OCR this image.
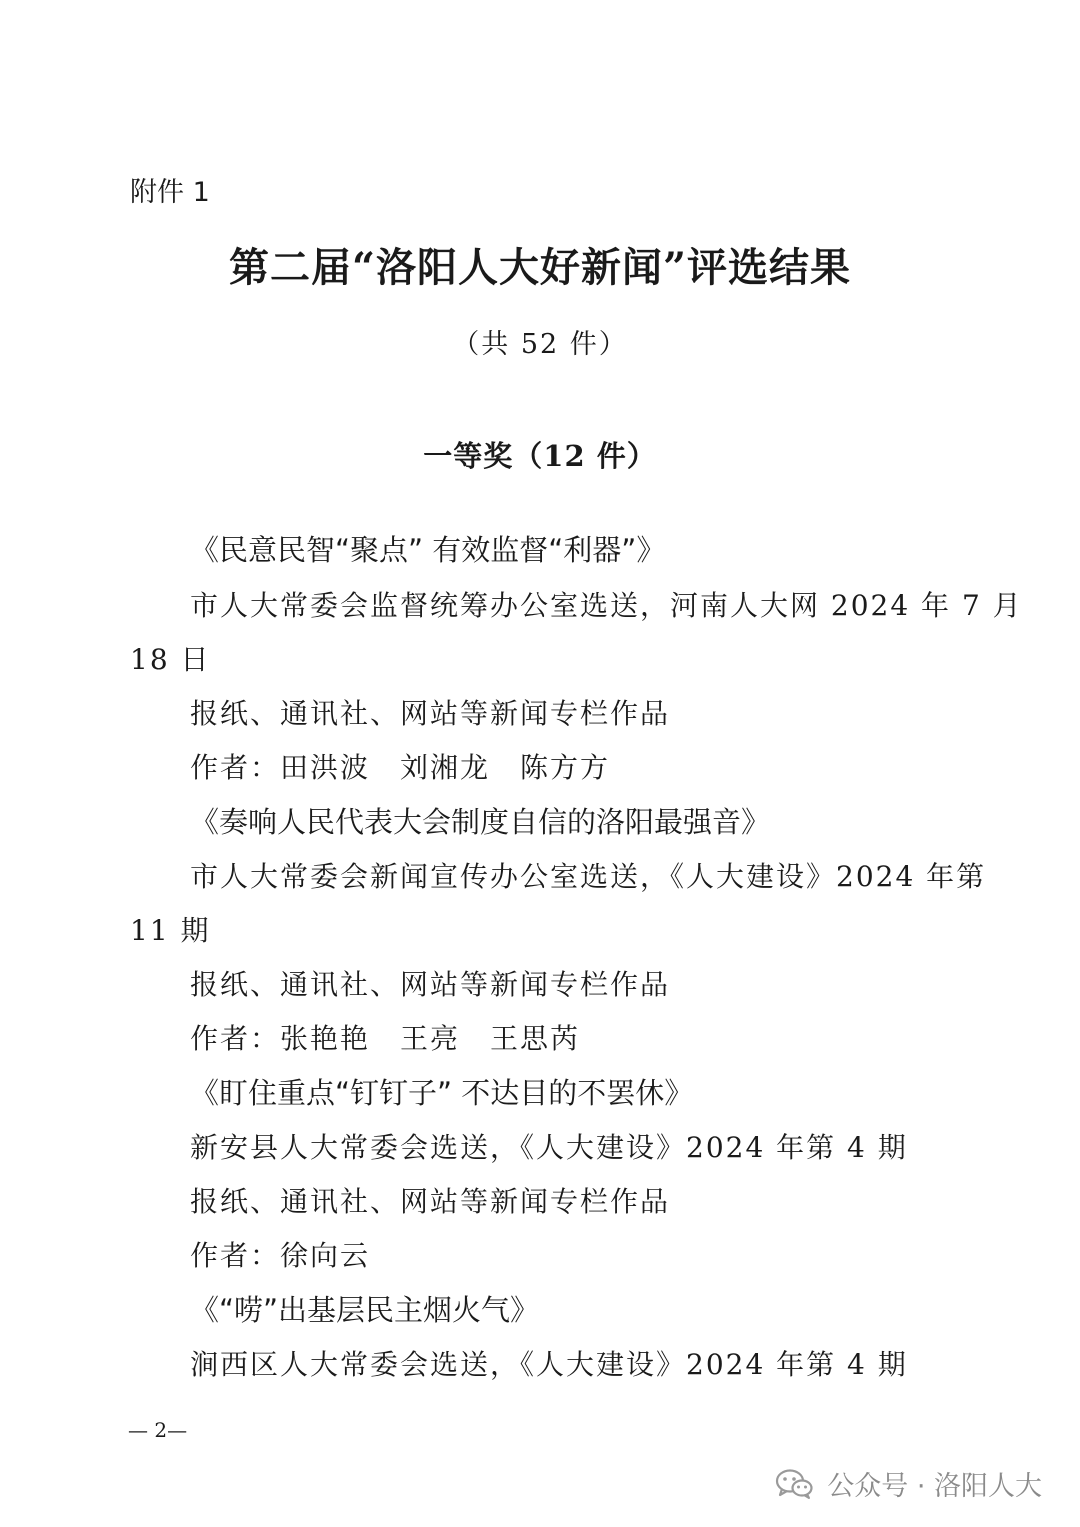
附件 1
第二届“洛阳人大好新闻”评选结果
（共 52 件）
一等奖（12 件）
《民意民智“聚点” 有效监督“利器”》
市人大常委会监督统筹办公室选送，河南人大网 2024 年 7 月
18 日
报纸、通讯社、网站等新闻专栏作品
作者：田洪波　刘湘龙　陈方方
《奏响人民代表大会制度自信的洛阳最强音》
市人大常委会新闻宣传办公室选送，《人大建设》2024 年第
11 期
报纸、通讯社、网站等新闻专栏作品
作者：张艳艳　王亮　王思芮
《盯住重点“钉钉子” 不达目的不罢休》
新安县人大常委会选送，《人大建设》2024 年第 4 期
报纸、通讯社、网站等新闻专栏作品
作者：徐向云
《“唠”出基层民主烟火气》
涧西区人大常委会选送，《人大建设》2024 年第 4 期
— 2—
公众号 · 洛阳人大
